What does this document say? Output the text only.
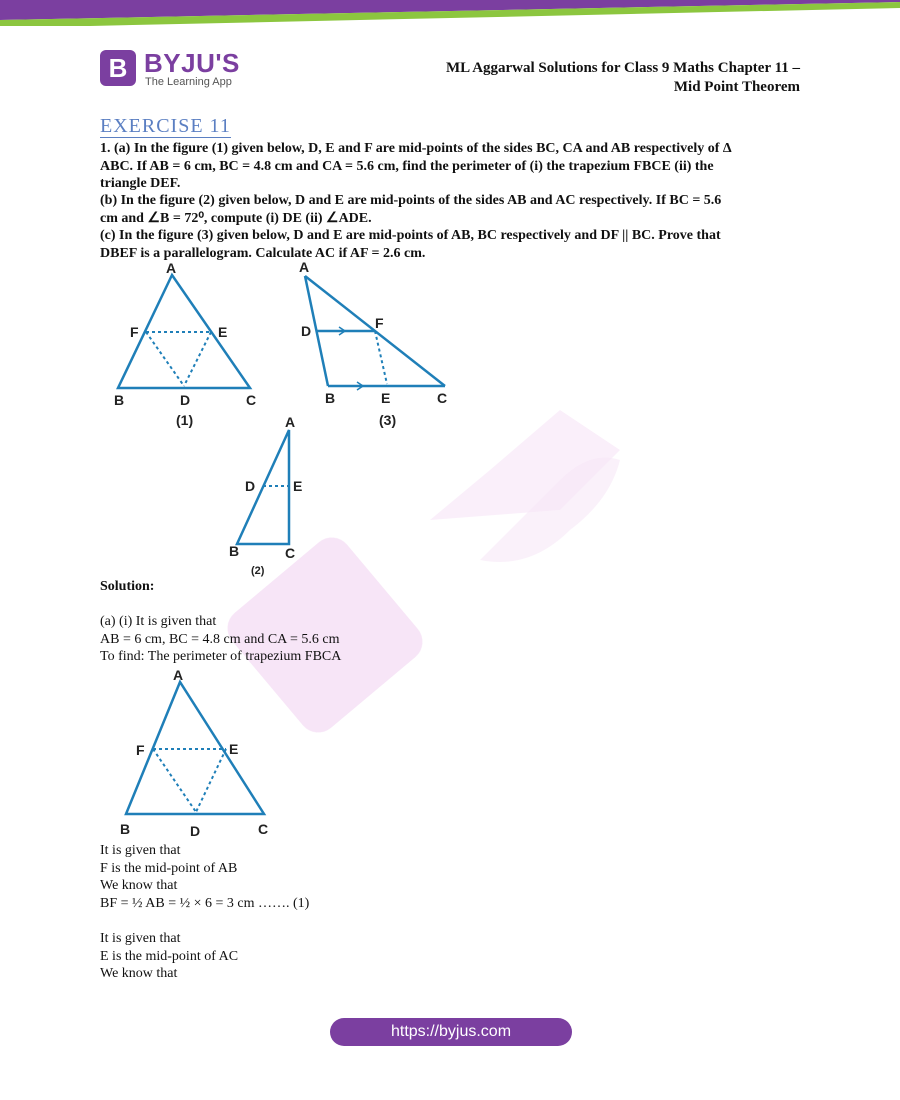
B BYJU'S
The Learning App
ML Aggarwal Solutions for Class 9 Maths Chapter 11 –
Mid Point Theorem
EXERCISE 11
1. (a) In the figure (1) given below, D, E and F are mid-points of the sides BC, CA and AB respectively of Δ
ABC. If AB = 6 cm, BC = 4.8 cm and CA = 5.6 cm, find the perimeter of (i) the trapezium FBCE (ii) the
triangle DEF.
(b) In the figure (2) given below, D and E are mid-points of the sides AB and AC respectively. If BC = 5.6
cm and ∠B = 72⁰, compute (i) DE (ii) ∠ADE.
(c) In the figure (3) given below, D and E are mid-points of AB, BC respectively and DF || BC. Prove that
DBEF is a parallelogram. Calculate AC if AF = 2.6 cm.
A
F	E
B	D	C
(1)
A
D	F
B	E	C
(3)
A
D	E
B	C
(2)
Solution:
(a) (i) It is given that
AB = 6 cm, BC = 4.8 cm and CA = 5.6 cm
To find: The perimeter of trapezium FBCA
A
F	E
B	D	C
It is given that
F is the mid-point of AB
We know that
BF = ½ AB = ½ × 6 = 3 cm ……. (1)
It is given that
E is the mid-point of AC
We know that
https://byjus.com
